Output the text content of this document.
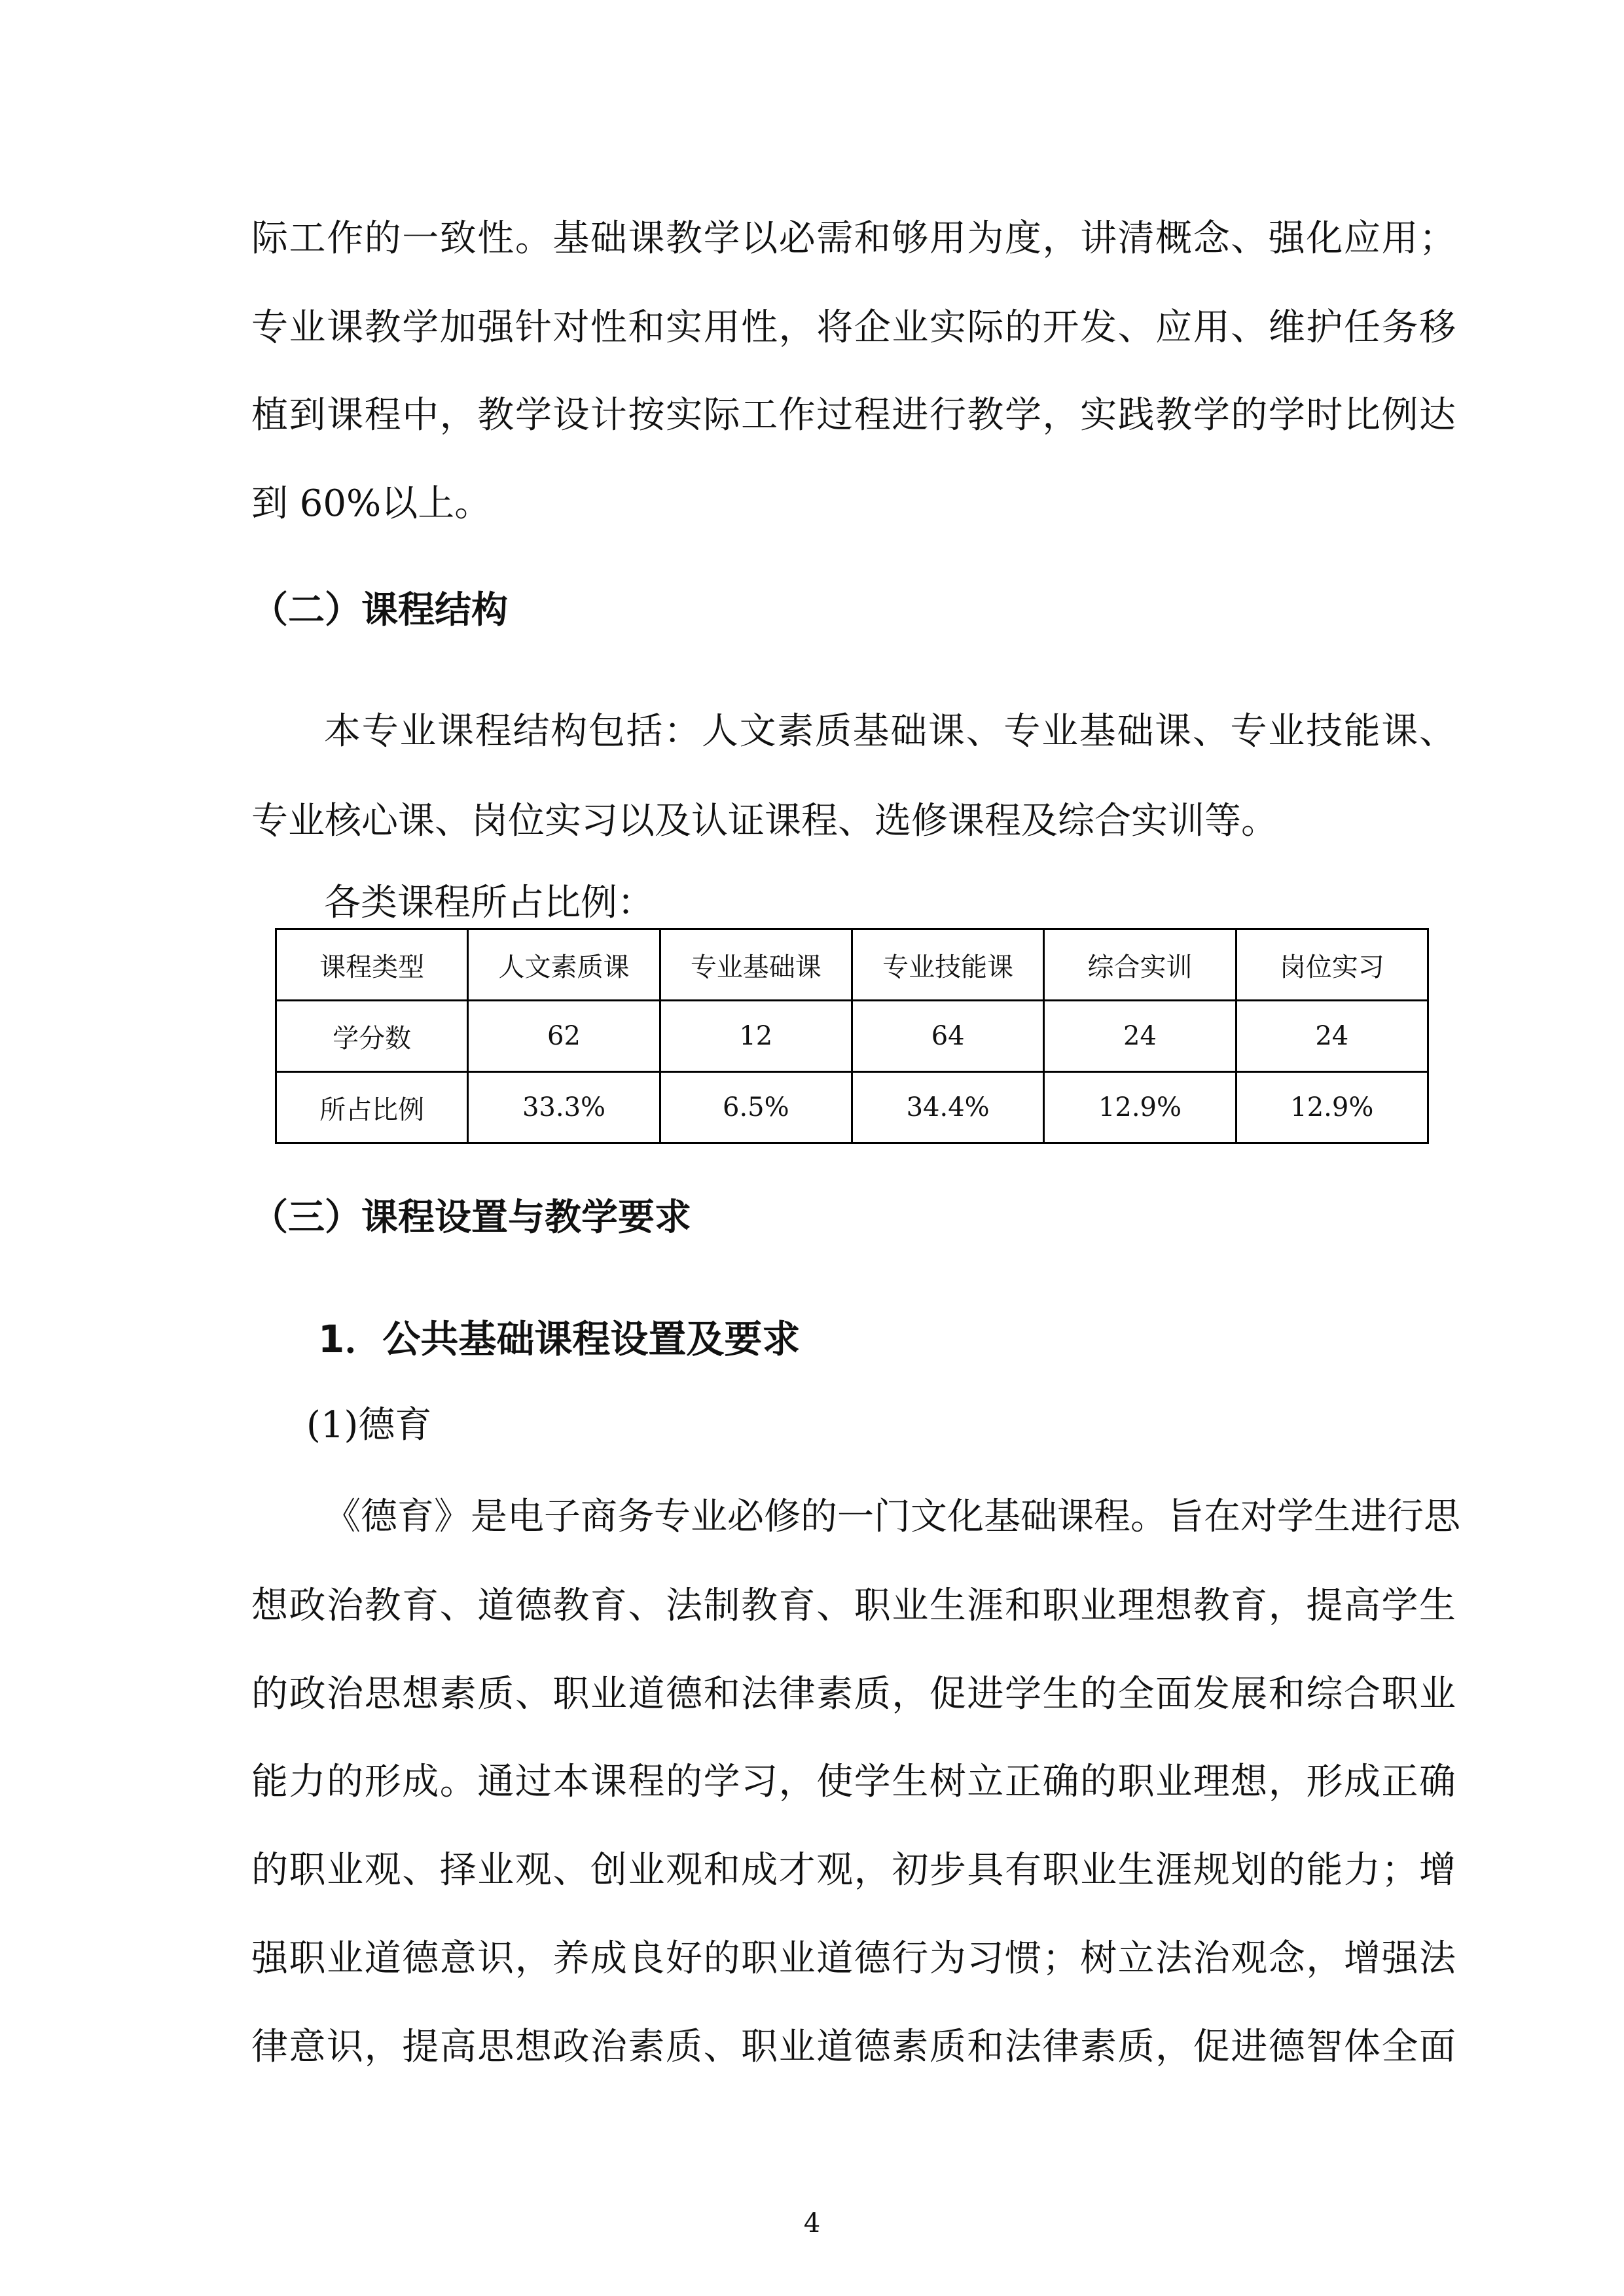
际工作的一致性。基础课教学以必需和够用为度，讲清概念、强化应用；
专业课教学加强针对性和实用性，将企业实际的开发、应用、维护任务移
植到课程中，教学设计按实际工作过程进行教学，实践教学的学时比例达
到 60%以上。
（二）课程结构
本专业课程结构包括：人文素质基础课、专业基础课、专业技能课、
专业核心课、岗位实习以及认证课程、选修课程及综合实训等。
各类课程所占比例：
课程类型	人文素质课	专业基础课	专业技能课	综合实训	岗位实习
学分数	62	12	64	24	24
所占比例	33.3%	6.5%	34.4%	12.9%	12.9%
（三）课程设置与教学要求
1．公共基础课程设置及要求
(1)德育
《德育》是电子商务专业必修的一门文化基础课程。旨在对学生进行思
想政治教育、道德教育、法制教育、职业生涯和职业理想教育，提高学生
的政治思想素质、职业道德和法律素质，促进学生的全面发展和综合职业
能力的形成。通过本课程的学习，使学生树立正确的职业理想，形成正确
的职业观、择业观、创业观和成才观，初步具有职业生涯规划的能力；增
强职业道德意识，养成良好的职业道德行为习惯；树立法治观念，增强法
律意识，提高思想政治素质、职业道德素质和法律素质，促进德智体全面
4
